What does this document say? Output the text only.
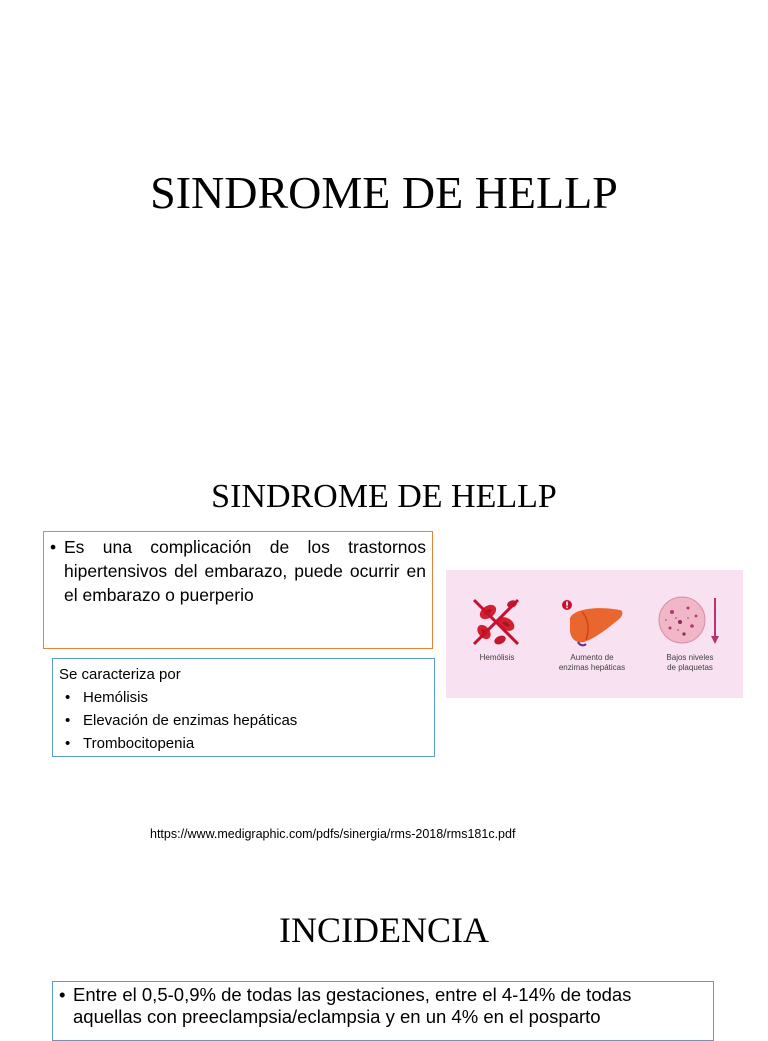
SINDROME DE HELLP
SINDROME DE HELLP
• Es una complicación de los trastornos hipertensivos del embarazo, puede ocurrir en el embarazo o puerperio
Se caracteriza por
• Hemólisis
• Elevación de enzimas hepáticas
• Trombocitopenia
Hemólisis	Aumento de
enzimas hepáticas
Bajos niveles
de plaquetas
https://www.medigraphic.com/pdfs/sinergia/rms-2018/rms181c.pdf
INCIDENCIA
• Entre el 0,5-0,9% de todas las gestaciones, entre el 4-14% de todas
aquellas con preeclampsia/eclampsia y en un 4% en el posparto
